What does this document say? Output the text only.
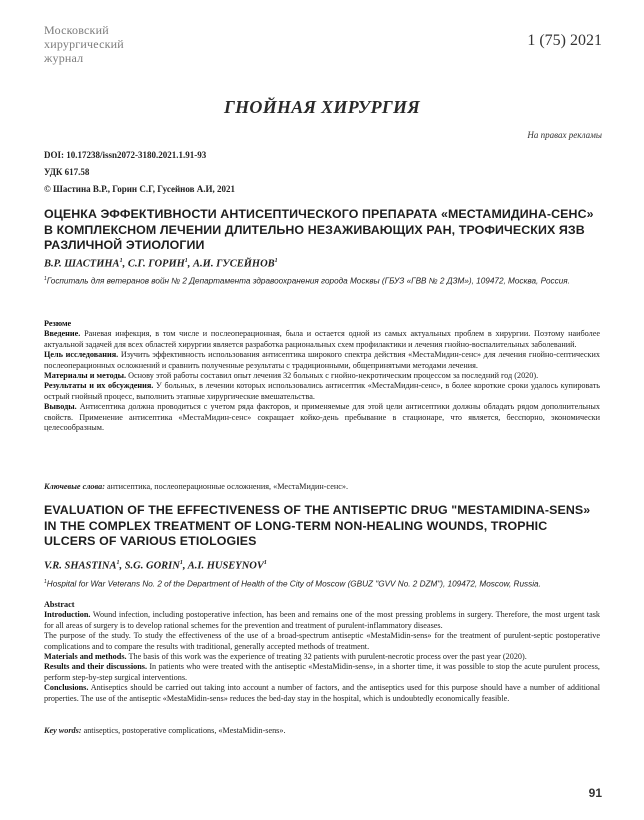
Московский
хирургический
журнал
1 (75) 2021
ГНОЙНАЯ ХИРУРГИЯ
На правах рекламы
DOI: 10.17238/issn2072-3180.2021.1.91-93
УДК 617.58
© Шастина В.Р., Горин С.Г, Гусейнов А.И, 2021
ОЦЕНКА ЭФФЕКТИВНОСТИ АНТИСЕПТИЧЕСКОГО ПРЕПАРАТА «МЕСТАМИДИНА-СЕНС» В КОМПЛЕКСНОМ ЛЕЧЕНИИ ДЛИТЕЛЬНО НЕЗАЖИВАЮЩИХ РАН, ТРОФИЧЕСКИХ ЯЗВ РАЗЛИЧНОЙ ЭТИОЛОГИИ
В.Р. ШАСТИНА$^1$, С.Г. ГОРИН$^1$, А.И. ГУСЕЙНОВ$^1$
$^1$Госпиталь для ветеранов войн № 2 Департамента здравоохранения города Москвы (ГБУЗ «ГВВ № 2 ДЗМ»), 109472, Москва, Россия.

Резюме

Введение. Раневая инфекция, в том числе и послеоперационная, была и остается одной из самых актуальных проблем в хирургии. Поэтому наиболее актуальной задачей для всех областей хирургии является разработка рациональных схем профилактики и лечения гнойно-воспалительных заболеваний.

Цель исследования. Изучить эффективность использования антисептика широкого спектра действия «МестаМидин-сенс» для лечения гнойно-септических послеоперационных осложнений и сравнить полученные результаты с традиционными, общепринятыми методами лечения.

Материалы и методы. Основу этой работы составил опыт лечения 32 больных с гнойно-некротическим процессом за последний год (2020).

Результаты и их обсуждения. У больных, в лечении которых использовались антисептик «МестаМидин-сенс», в более короткие сроки удалось купировать острый гнойный процесс, выполнить этапные хирургические вмешательства.

Выводы. Антисептика должна проводиться с учетом ряда факторов, и применяемые для этой цели антисептики должны обладать рядом дополнительных свойств. Применение антисептика «МестаМидин-сенс» сокращает койко-день пребывание в стационаре, что является, бесспорно, экономически целесообразным.

Ключевые слова: антисептика, послеоперационные осложнения, «МестаМидин-сенс».
EVALUATION OF THE EFFECTIVENESS OF THE ANTISEPTIC DRUG "MESTAMIDINA-SENS» IN THE COMPLEX TREATMENT OF LONG-TERM NON-HEALING WOUNDS, TROPHIC ULCERS OF VARIOUS ETIOLOGIES
V.R. SHASTINA$^1$, S.G. GORIN$^1$, A.I. HUSEYNOV$^1$
$^1$Hospital for War Veterans No. 2 of the Department of Health of the City of Moscow (GBUZ "GVV No. 2 DZM"), 109472, Moscow, Russia.

Abstract

Introduction. Wound infection, including postoperative infection, has been and remains one of the most pressing problems in surgery. Therefore, the most urgent task for all areas of surgery is to develop rational schemes for the prevention and treatment of purulent-inflammatory diseases.

The purpose of the study. To study the effectiveness of the use of a broad-spectrum antiseptic «MestaMidin-sens» for the treatment of purulent-septic postoperative complications and to compare the results with traditional, generally accepted methods of treatment.

Materials and methods. The basis of this work was the experience of treating 32 patients with purulent-necrotic process over the past year (2020).

Results and their discussions. In patients who were treated with the antiseptic «MestaMidin-sens», in a shorter time, it was possible to stop the acute purulent process, perform step-by-step surgical interventions.

Conclusions. Antiseptics should be carried out taking into account a number of factors, and the antiseptics used for this purpose should have a number of additional properties. The use of the antiseptic «MestaMidin-sens» reduces the bed-day stay in the hospital, which is undoubtedly economically feasible.

Key words: antiseptics, postoperative complications, «MestaMidin-sens».
91
